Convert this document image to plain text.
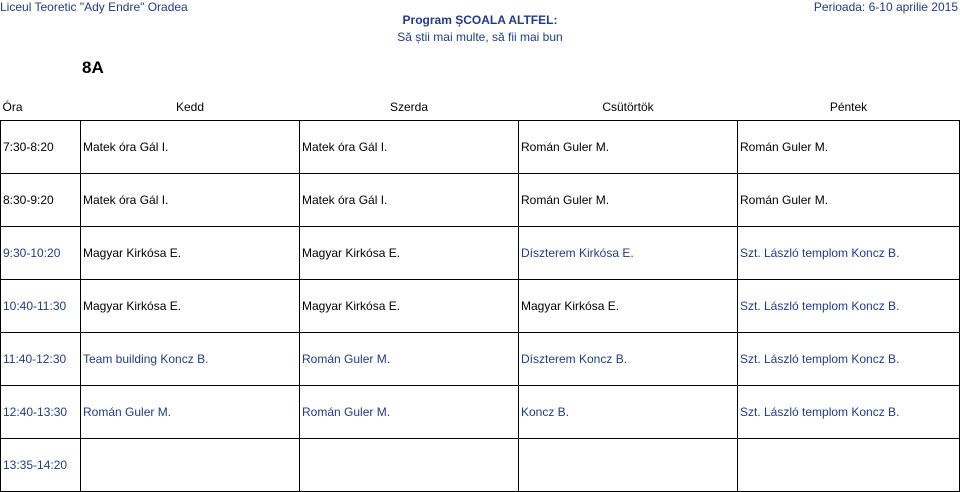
Liceul Teoretic "Ady Endre" Oradea	Perioada: 6-10 aprilie 2015
Program ȘCOALA ALTFEL:
Să știi mai multe, să fii mai bun
8A
Óra	Kedd	Szerda	Csütörtök	Péntek
7:30-8:20	Matek óra Gál I.	Matek óra Gál I.	Román Guler M.	Román Guler M.
8:30-9:20	Matek óra Gál I.	Matek óra Gál I.	Román Guler M.	Román Guler M.
9:30-10:20	Magyar Kirkósa E.	Magyar Kirkósa E.	Díszterem Kirkósa E.	Szt. László templom Koncz B.
10:40-11:30	Magyar Kirkósa E.	Magyar Kirkósa E.	Magyar Kirkósa E.	Szt. László templom Koncz B.
11:40-12:30	Team building Koncz B.	Román Guler M.	Díszterem Koncz B.	Szt. László templom Koncz B.
12:40-13:30	Román Guler M.	Román Guler M.	Koncz B.	Szt. László templom Koncz B.
13:35-14:20				
